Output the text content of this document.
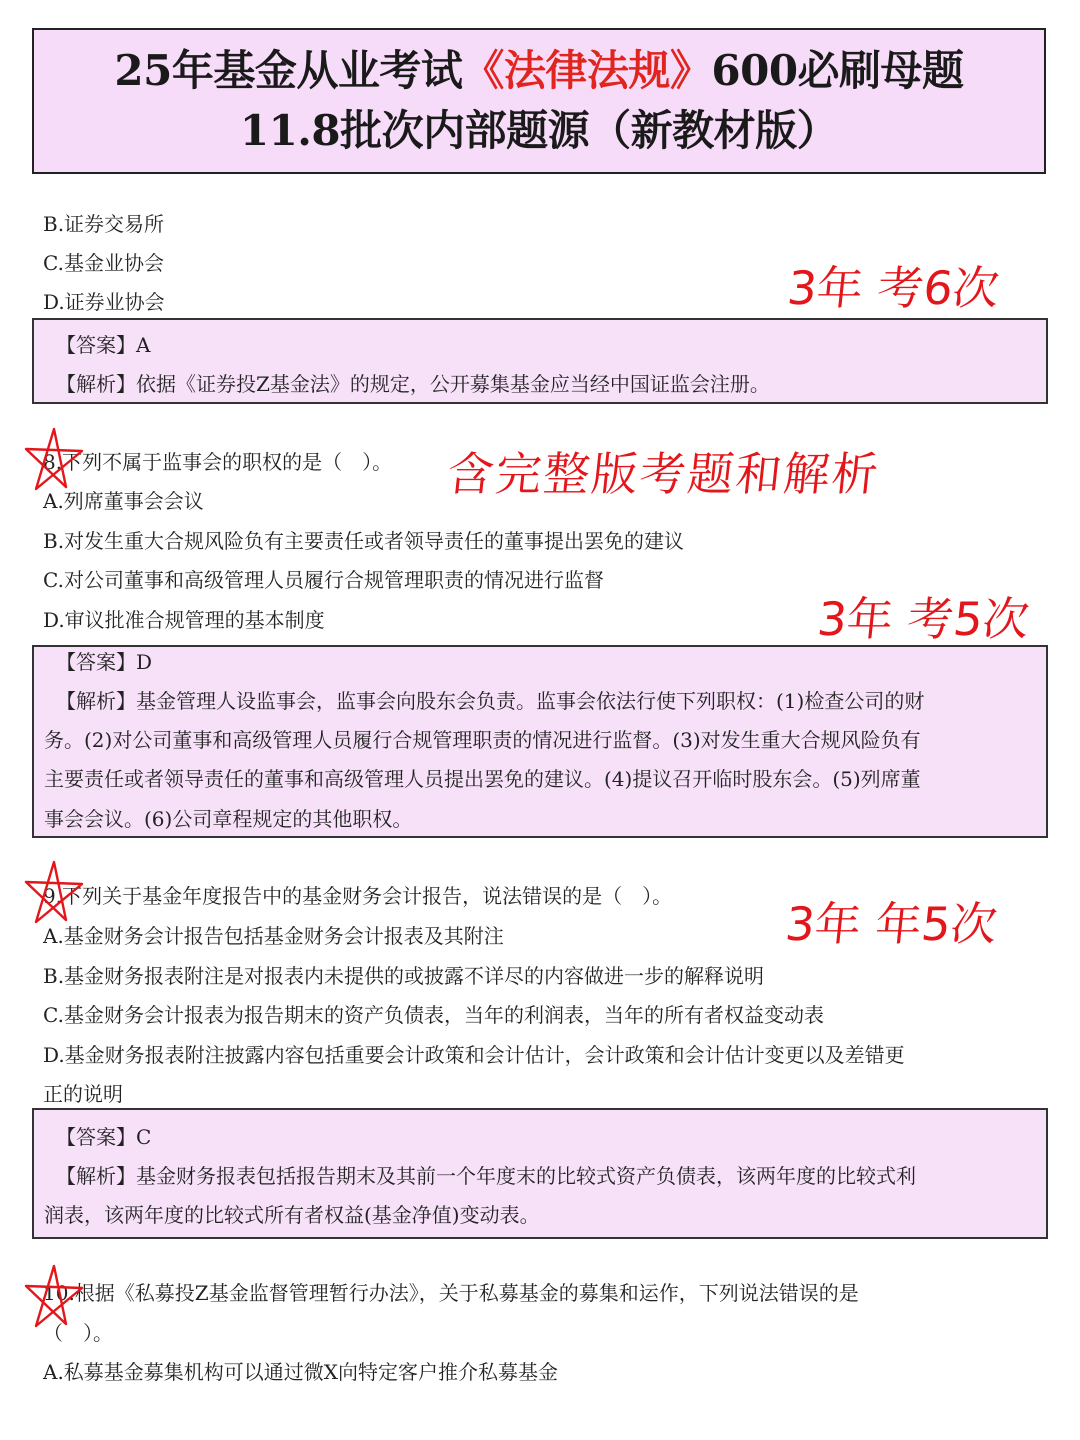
25年基金从业考试《法律法规》600必刷母题
11.8批次内部题源（新教材版）
B.证券交易所
C.基金业协会
D.证券业协会
【答案】A
【解析】依据《证券投Z基金法》的规定，公开募集基金应当经中国证监会注册。
8.下列不属于监事会的职权的是（　）。
A.列席董事会会议
B.对发生重大合规风险负有主要责任或者领导责任的董事提出罢免的建议
C.对公司董事和高级管理人员履行合规管理职责的情况进行监督
D.审议批准合规管理的基本制度
【答案】D
【解析】基金管理人设监事会，监事会向股东会负责。监事会依法行使下列职权：(1)检查公司的财
务。(2)对公司董事和高级管理人员履行合规管理职责的情况进行监督。(3)对发生重大合规风险负有
主要责任或者领导责任的董事和高级管理人员提出罢免的建议。(4)提议召开临时股东会。(5)列席董
事会会议。(6)公司章程规定的其他职权。
9.下列关于基金年度报告中的基金财务会计报告，说法错误的是（　）。
A.基金财务会计报告包括基金财务会计报表及其附注
B.基金财务报表附注是对报表内未提供的或披露不详尽的内容做进一步的解释说明
C.基金财务会计报表为报告期末的资产负债表，当年的利润表，当年的所有者权益变动表
D.基金财务报表附注披露内容包括重要会计政策和会计估计，会计政策和会计估计变更以及差错更
正的说明
【答案】C
【解析】基金财务报表包括报告期末及其前一个年度末的比较式资产负债表，该两年度的比较式利
润表，该两年度的比较式所有者权益(基金净值)变动表。
10.根据《私募投Z基金监督管理暂行办法》，关于私募基金的募集和运作，下列说法错误的是
（　）。
A.私募基金募集机构可以通过微X向特定客户推介私募基金
3年 考6次
含完整版考题和解析
3年 考5次
3年 年5次
